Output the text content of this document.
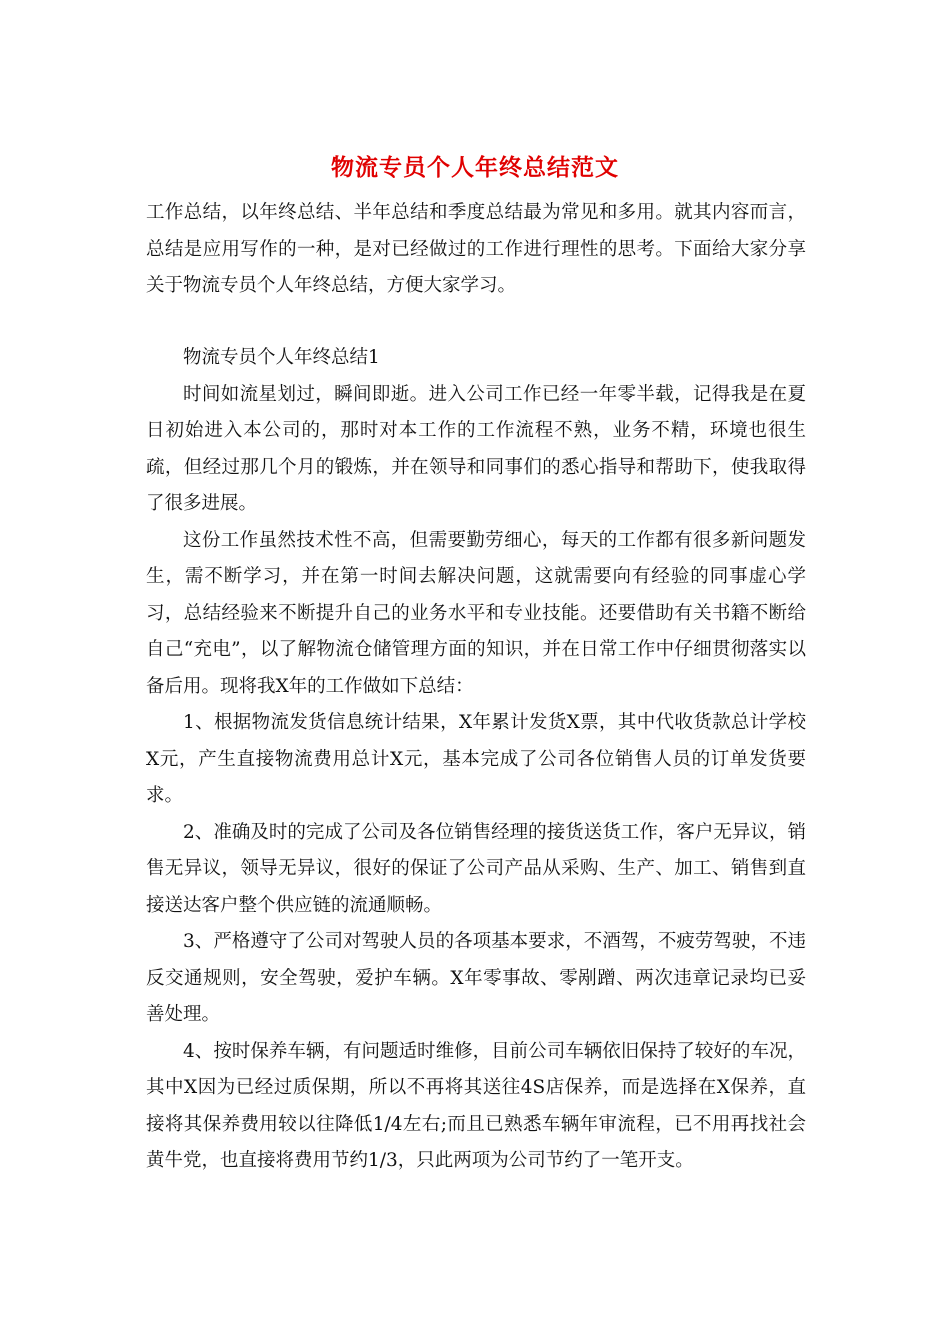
物流专员个人年终总结范文

工作总结，以年终总结、半年总结和季度总结最为常见和多用。就其内容而言，总结是应用写作的一种，是对已经做过的工作进行理性的思考。下面给大家分享关于物流专员个人年终总结，方便大家学习。

物流专员个人年终总结1

时间如流星划过，瞬间即逝。进入公司工作已经一年零半载，记得我是在夏日初始进入本公司的，那时对本工作的工作流程不熟，业务不精，环境也很生疏，但经过那几个月的锻炼，并在领导和同事们的悉心指导和帮助下，使我取得了很多进展。

这份工作虽然技术性不高，但需要勤劳细心，每天的工作都有很多新问题发生，需不断学习，并在第一时间去解决问题，这就需要向有经验的同事虚心学习，总结经验来不断提升自己的业务水平和专业技能。还要借助有关书籍不断给自己“充电”，以了解物流仓储管理方面的知识，并在日常工作中仔细贯彻落实以备后用。现将我X年的工作做如下总结：

1、根据物流发货信息统计结果，X年累计发货X票，其中代收货款总计学校X元，产生直接物流费用总计X元，基本完成了公司各位销售人员的订单发货要求。

2、准确及时的完成了公司及各位销售经理的接货送货工作，客户无异议，销售无异议，领导无异议，很好的保证了公司产品从采购、生产、加工、销售到直接送达客户整个供应链的流通顺畅。

3、严格遵守了公司对驾驶人员的各项基本要求，不酒驾，不疲劳驾驶，不违反交通规则，安全驾驶，爱护车辆。X年零事故、零剐蹭、两次违章记录均已妥善处理。

4、按时保养车辆，有问题适时维修，目前公司车辆依旧保持了较好的车况，其中X因为已经过质保期，所以不再将其送往4S店保养，而是选择在X保养，直接将其保养费用较以往降低1/4左右;而且已熟悉车辆年审流程，已不用再找社会黄牛党，也直接将费用节约1/3，只此两项为公司节约了一笔开支。
